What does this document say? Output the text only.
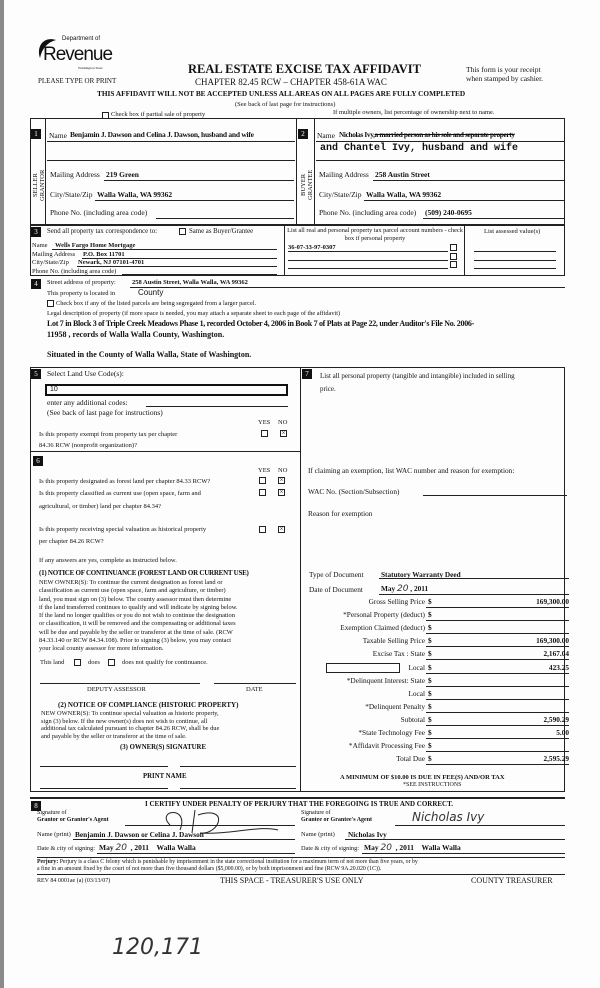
Department of
Revenue
Washington State
PLEASE TYPE OR PRINT
REAL ESTATE EXCISE TAX AFFIDAVIT
CHAPTER 82.45 RCW – CHAPTER 458-61A WAC
THIS AFFIDAVIT WILL NOT BE ACCEPTED UNLESS ALL AREAS ON ALL PAGES ARE FULLY COMPLETED
(See back of last page for instructions)
This form is your receipt
when stamped by cashier.
Check box if partial sale of property	If multiple owners, list percentage of ownership next to name.
1
SELLER GRANTOR
Name Benjamin J. Dawson and Celina J. Dawson, husband and wife
Mailing Address 219 Green
City/State/Zip Walla Walla, WA 99362
Phone No. (including area code)
2
BUYER GRANTEE
Name Nicholas Ivy,a married person as his sole and separate property
and Chantel Ivy, husband and wife
Mailing Address 258 Austin Street
City/State/Zip Walla Walla, WA 99362
Phone No. (including area code) (509) 240-0695
3	Send all property tax correspondence to:	Same as Buyer/Grantee
Name Wells Fargo Home Mortgage
Mailing Address P.O. Box 11701
City/State/Zip Newark, NJ 07101-4701
Phone No. (including area code)
List all real and personal property tax parcel account numbers - check box if personal property
36-07-33-97-0307
List assessed value(s)
4	Street address of property: 258 Austin Street, Walla Walla, WA 99362
This property is located in	County
Check box if any of the listed parcels are being segregated from a larger parcel.
Legal description of property (if more space is needed, you may attach a separate sheet to each page of the affidavit)
Lot 7 in Block 3 of Triple Creek Meadows Phase 1, recorded October 4, 2006 in Book 7 of Plats at Page 22, under Auditor's File No. 2006-
11958 , records of Walla Walla County, Washington.
Situated in the County of Walla Walla, State of Washington.
5	Select Land Use Code(s):
10
enter any additional codes:
(See back of last page for instructions)
YES NO
Is this property exempt from property tax per chapter
84.36 RCW (nonprofit organization)?
×
6
YES NO
Is this property designated as forest land per chapter 84.33 RCW?	×
Is this property classified as current use (open space, farm and
agricultural, or timber) land per chapter 84.34?
×
Is this property receiving special valuation as historical property
per chapter 84.26 RCW?
×
If any answers are yes, complete as instructed below.
(1) NOTICE OF CONTINUANCE (FOREST LAND OR CURRENT USE)
NEW OWNER(S): To continue the current designation as forest land or
classification as current use (open space, farm and agriculture, or timber)
land, you must sign on (3) below. The county assessor must then determine
if the land transferred continues to qualify and will indicate by signing below.
If the land no longer qualifies or you do not wish to continue the designation
or classification, it will be removed and the compensating or additional taxes
will be due and payable by the seller or transferor at the time of sale. (RCW
84.33.140 or RCW 84.34.108). Prior to signing (3) below, you may contact
your local county assessor for more information.
This land	does	does not qualify for continuance.
DEPUTY ASSESSOR	DATE
(2) NOTICE OF COMPLIANCE (HISTORIC PROPERTY)
NEW OWNER(S): To continue special valuation as historic property,
sign (3) below. If the new owner(s) does not wish to continue, all
additional tax calculated pursuant to chapter 84.26 RCW, shall be due
and payable by the seller or transferor at the time of sale.
(3) OWNER(S) SIGNATURE
PRINT NAME
7	List all personal property (tangible and intangible) included in selling
price.
If claiming an exemption, list WAC number and reason for exemption:
WAC No. (Section/Subsection)
Reason for exemption
Type of Document Statutory Warranty Deed
Date of Document May 20 , 2011
Gross Selling Price $	169,300.00
*Personal Property (deduct) $
Exemption Claimed (deduct) $
Taxable Selling Price $	169,300.00
Excise Tax : State $	2,167.04
Local $	423.25
*Delinquent Interest: State $
Local $
*Delinquent Penalty $
Subtotal $	2,590.29
*State Technology Fee $	5.00
*Affidavit Processing Fee $
Total Due $	2,595.29
A MINIMUM OF $10.00 IS DUE IN FEE(S) AND/OR TAX
*SEE INSTRUCTIONS
8	I CERTIFY UNDER PENALTY OF PERJURY THAT THE FOREGOING IS TRUE AND CORRECT.
Signature of
Grantor or Grantor's Agent
Name (print) Benjamin J. Dawson or Celina J. Dawson
Date & city of signing: May 20 , 2011 Walla Walla
Signature of
Grantee or Grantee's Agent	Nicholas Ivy
Name (print) Nicholas Ivy
Date & city of signing: May 20 , 2011 Walla Walla
Perjury: Perjury is a class C felony which is punishable by imprisonment in the state correctional institution for a maximum term of not more than five years, or by
a fine in an amount fixed by the court of not more than five thousand dollars ($5,000.00), or by both imprisonment and fine (RCW 9A.20.020 (1C)).
REV 84 0001ae (a) (03/13/07)	THIS SPACE - TREASURER'S USE ONLY	COUNTY TREASURER
120,171
